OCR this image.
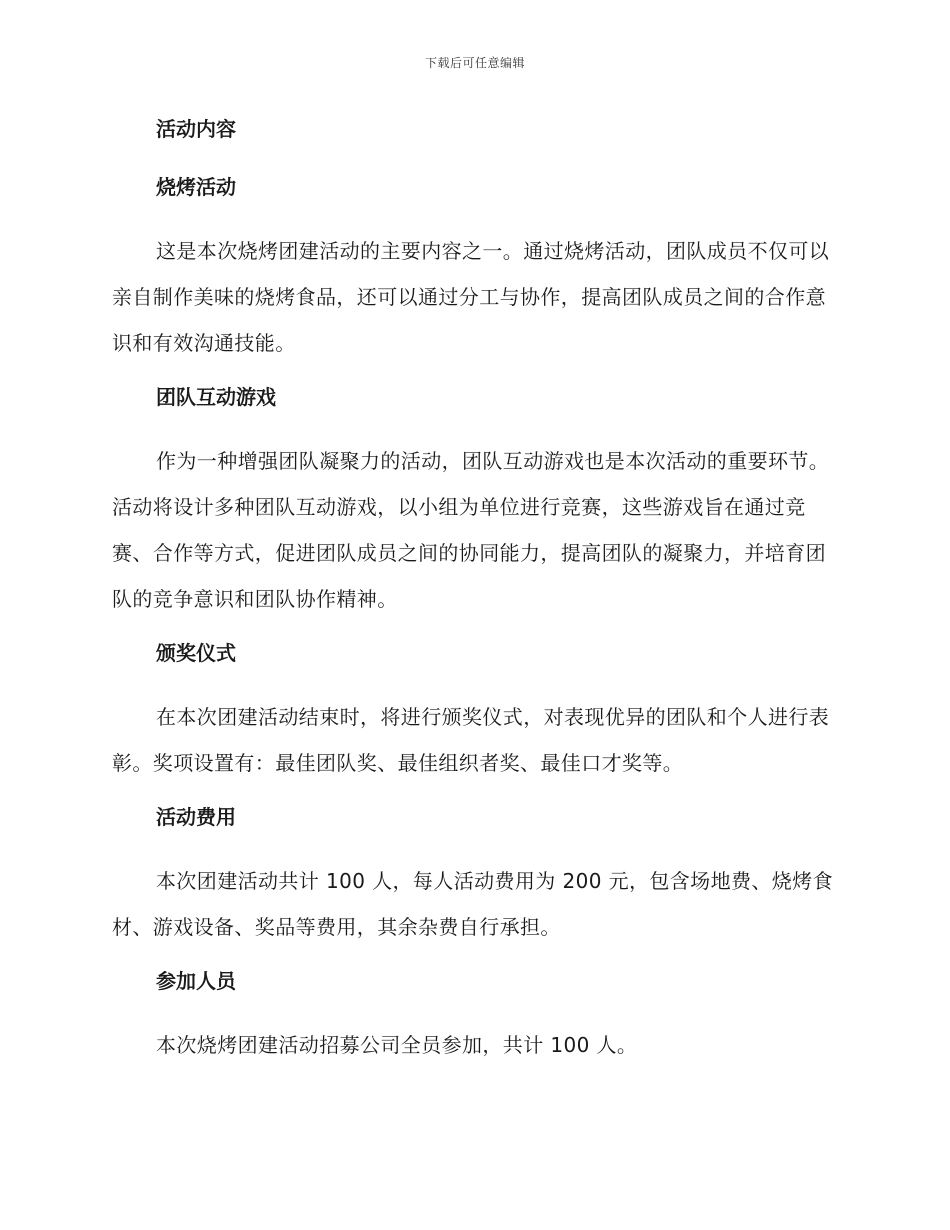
下载后可任意编辑
活动内容
烧烤活动

这是本次烧烤团建活动的主要内容之一。通过烧烤活动，团队成员不仅可以亲自制作美味的烧烤食品，还可以通过分工与协作，提高团队成员之间的合作意识和有效沟通技能。

团队互动游戏

作为一种增强团队凝聚力的活动，团队互动游戏也是本次活动的重要环节。活动将设计多种团队互动游戏，以小组为单位进行竞赛，这些游戏旨在通过竞赛、合作等方式，促进团队成员之间的协同能力，提高团队的凝聚力，并培育团队的竞争意识和团队协作精神。

颁奖仪式

在本次团建活动结束时，将进行颁奖仪式，对表现优异的团队和个人进行表彰。奖项设置有：最佳团队奖、最佳组织者奖、最佳口才奖等。

活动费用

本次团建活动共计 100 人，每人活动费用为 200 元，包含场地费、烧烤食材、游戏设备、奖品等费用，其余杂费自行承担。

参加人员

本次烧烤团建活动招募公司全员参加，共计 100 人。
